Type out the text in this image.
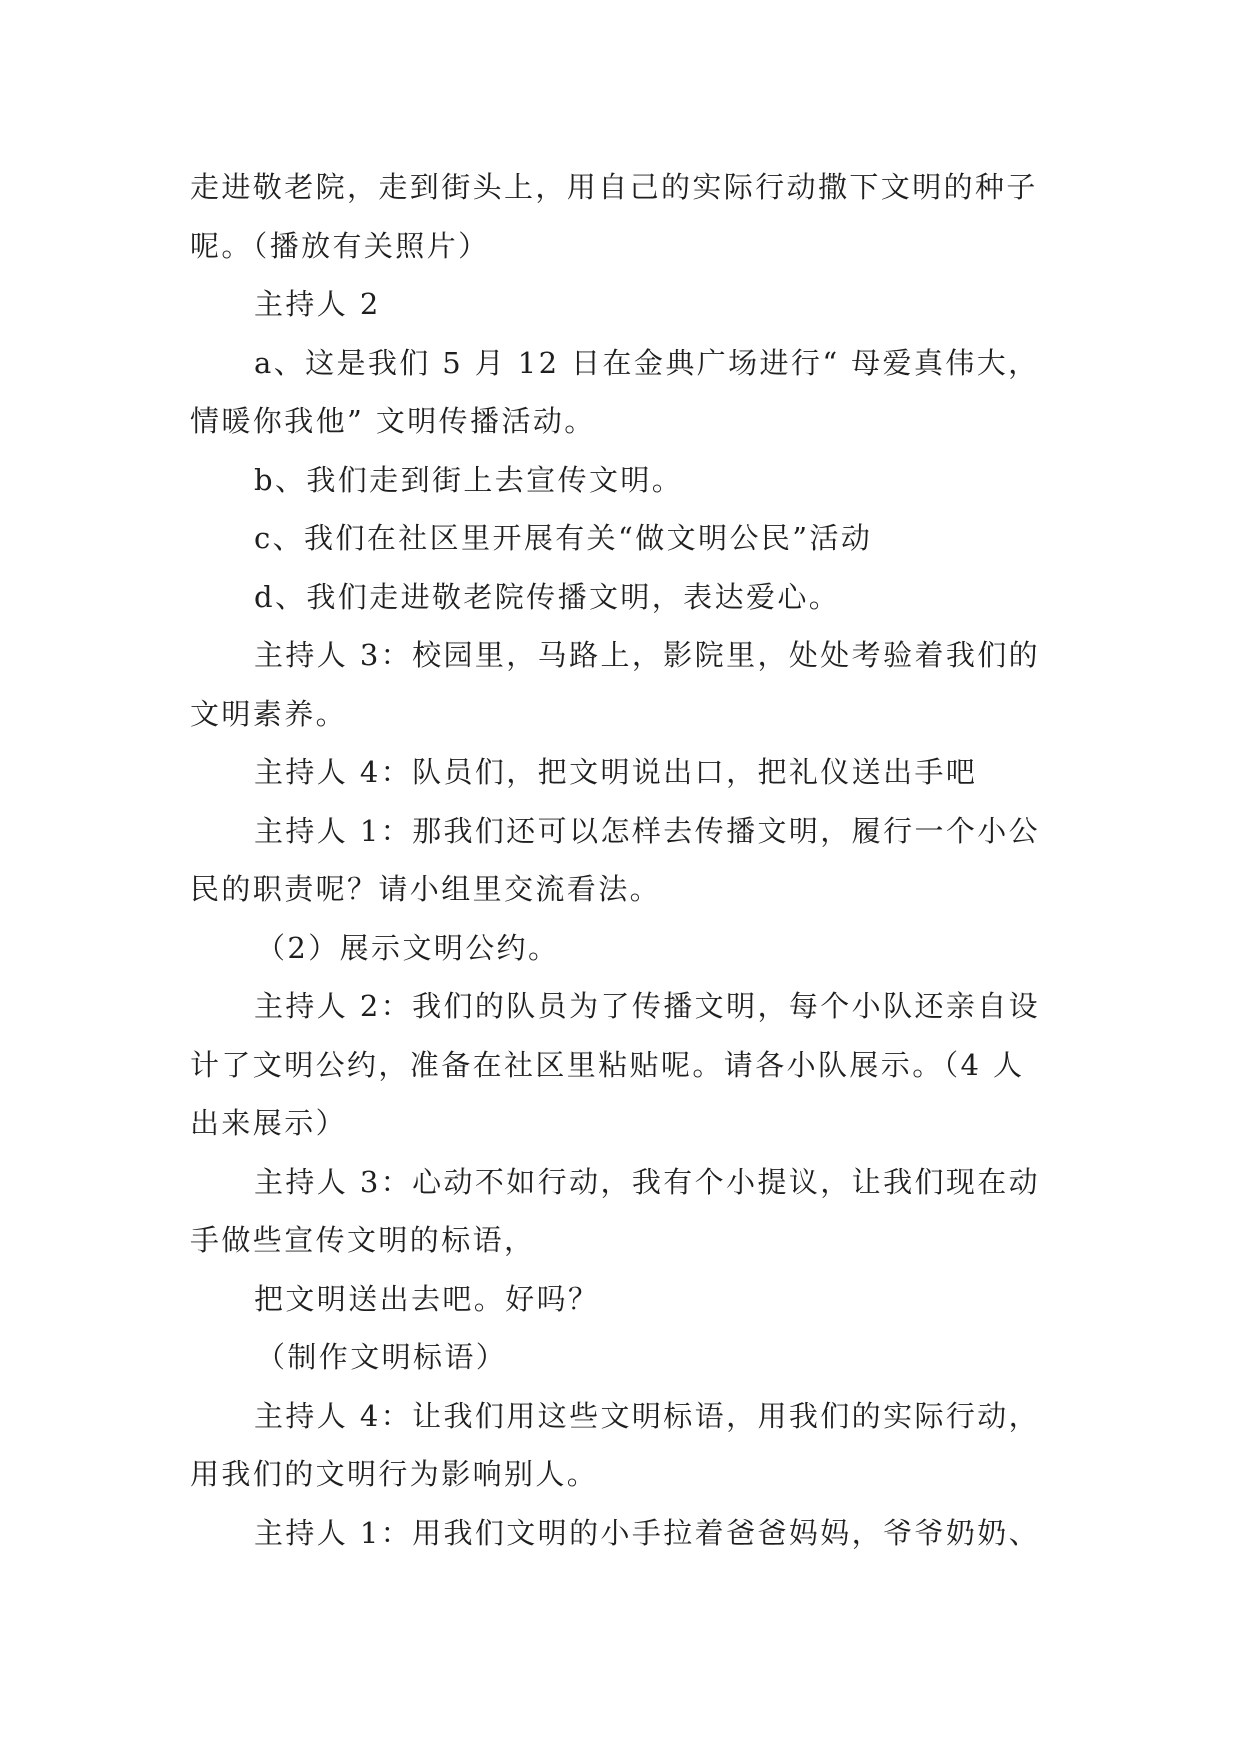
走进敬老院，走到街头上，用自己的实际行动撒下文明的种子呢。（播放有关照片）

主持人 2

a、这是我们 5 月 12 日在金典广场进行“ 母爱真伟大，情暖你我他” 文明传播活动。

b、我们走到街上去宣传文明。

c、我们在社区里开展有关“做文明公民”活动

d、我们走进敬老院传播文明，表达爱心。

主持人 3：校园里，马路上，影院里，处处考验着我们的文明素养。

主持人 4：队员们，把文明说出口，把礼仪送出手吧

主持人 1：那我们还可以怎样去传播文明，履行一个小公民的职责呢？请小组里交流看法。

（2）展示文明公约。

主持人 2：我们的队员为了传播文明，每个小队还亲自设计了文明公约，准备在社区里粘贴呢。请各小队展示。（4 人出来展示）

主持人 3：心动不如行动，我有个小提议，让我们现在动手做些宣传文明的标语，

把文明送出去吧。好吗？

（制作文明标语）

主持人 4：让我们用这些文明标语，用我们的实际行动，用我们的文明行为影响别人。

主持人 1：用我们文明的小手拉着爸爸妈妈，爷爷奶奶、
